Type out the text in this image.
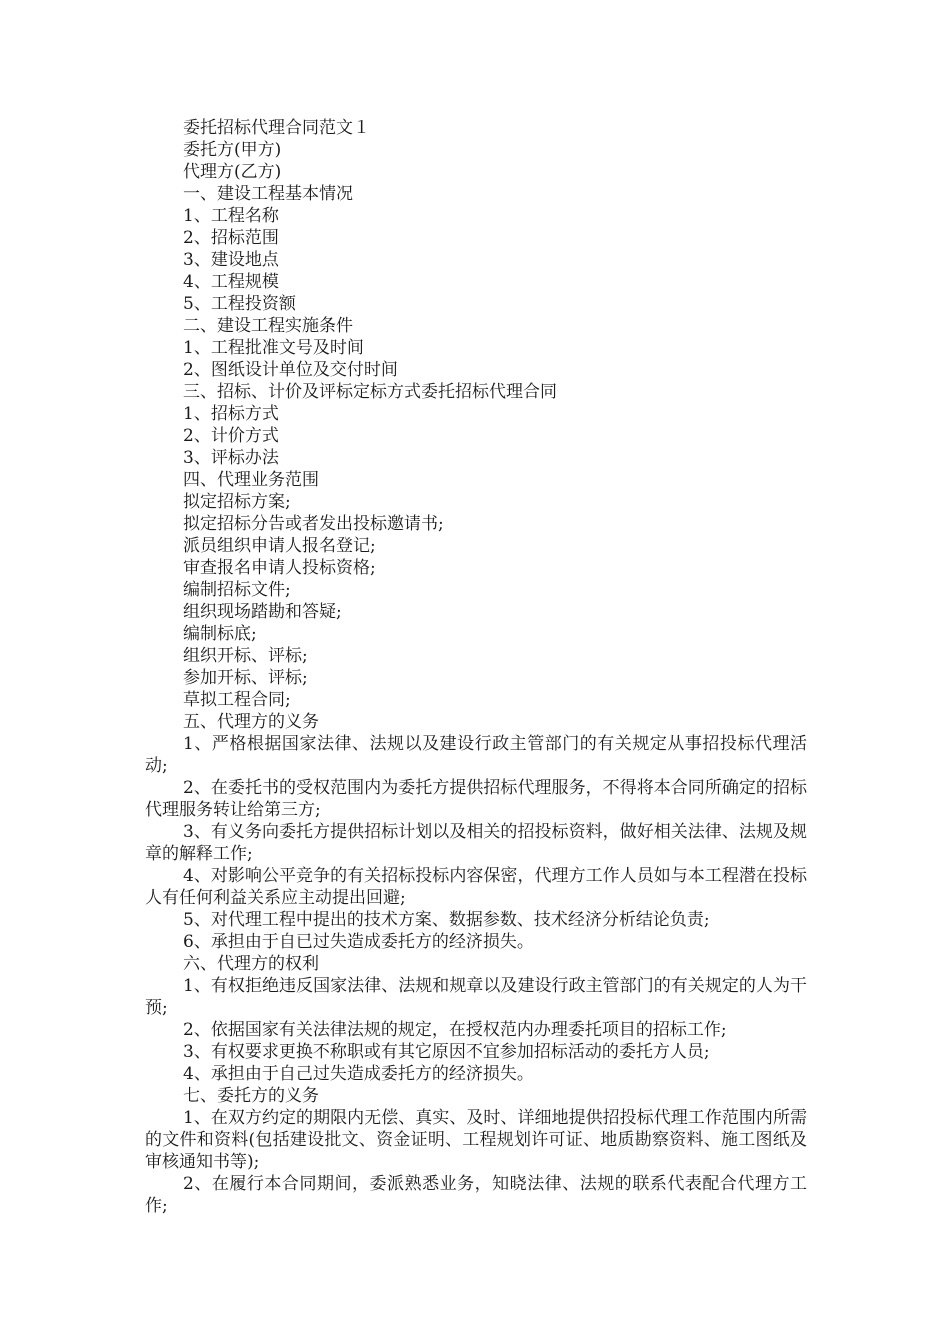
委托招标代理合同范文１

委托方(甲方)

代理方(乙方)

一、建设工程基本情况

1、工程名称

2、招标范围

3、建设地点

4、工程规模

5、工程投资额

二、建设工程实施条件

1、工程批准文号及时间

2、图纸设计单位及交付时间

三、招标、计价及评标定标方式委托招标代理合同

1、招标方式

2、计价方式

3、评标办法

四、代理业务范围

拟定招标方案;

拟定招标分告或者发出投标邀请书;

派员组织申请人报名登记;

审查报名申请人投标资格;

编制招标文件;

组织现场踏勘和答疑;

编制标底;

组织开标、评标;

参加开标、评标;

草拟工程合同;

五、代理方的义务

1、严格根据国家法律、法规以及建设行政主管部门的有关规定从事招投标代理活动;

2、在委托书的受权范围内为委托方提供招标代理服务，不得将本合同所确定的招标代理服务转让给第三方;

3、有义务向委托方提供招标计划以及相关的招投标资料，做好相关法律、法规及规章的解释工作;

4、对影响公平竞争的有关招标投标内容保密，代理方工作人员如与本工程潜在投标人有任何利益关系应主动提出回避;

5、对代理工程中提出的技术方案、数据参数、技术经济分析结论负责;

6、承担由于自已过失造成委托方的经济损失。

六、代理方的权利

1、有权拒绝违反国家法律、法规和规章以及建设行政主管部门的有关规定的人为干预;

2、依据国家有关法律法规的规定，在授权范内办理委托项目的招标工作;

3、有权要求更换不称职或有其它原因不宜参加招标活动的委托方人员;

4、承担由于自己过失造成委托方的经济损失。

七、委托方的义务

1、在双方约定的期限内无偿、真实、及时、详细地提供招投标代理工作范围内所需的文件和资料(包括建设批文、资金证明、工程规划许可证、地质勘察资料、施工图纸及审核通知书等);

2、在履行本合同期间，委派熟悉业务，知晓法律、法规的联系代表配合代理方工作;
